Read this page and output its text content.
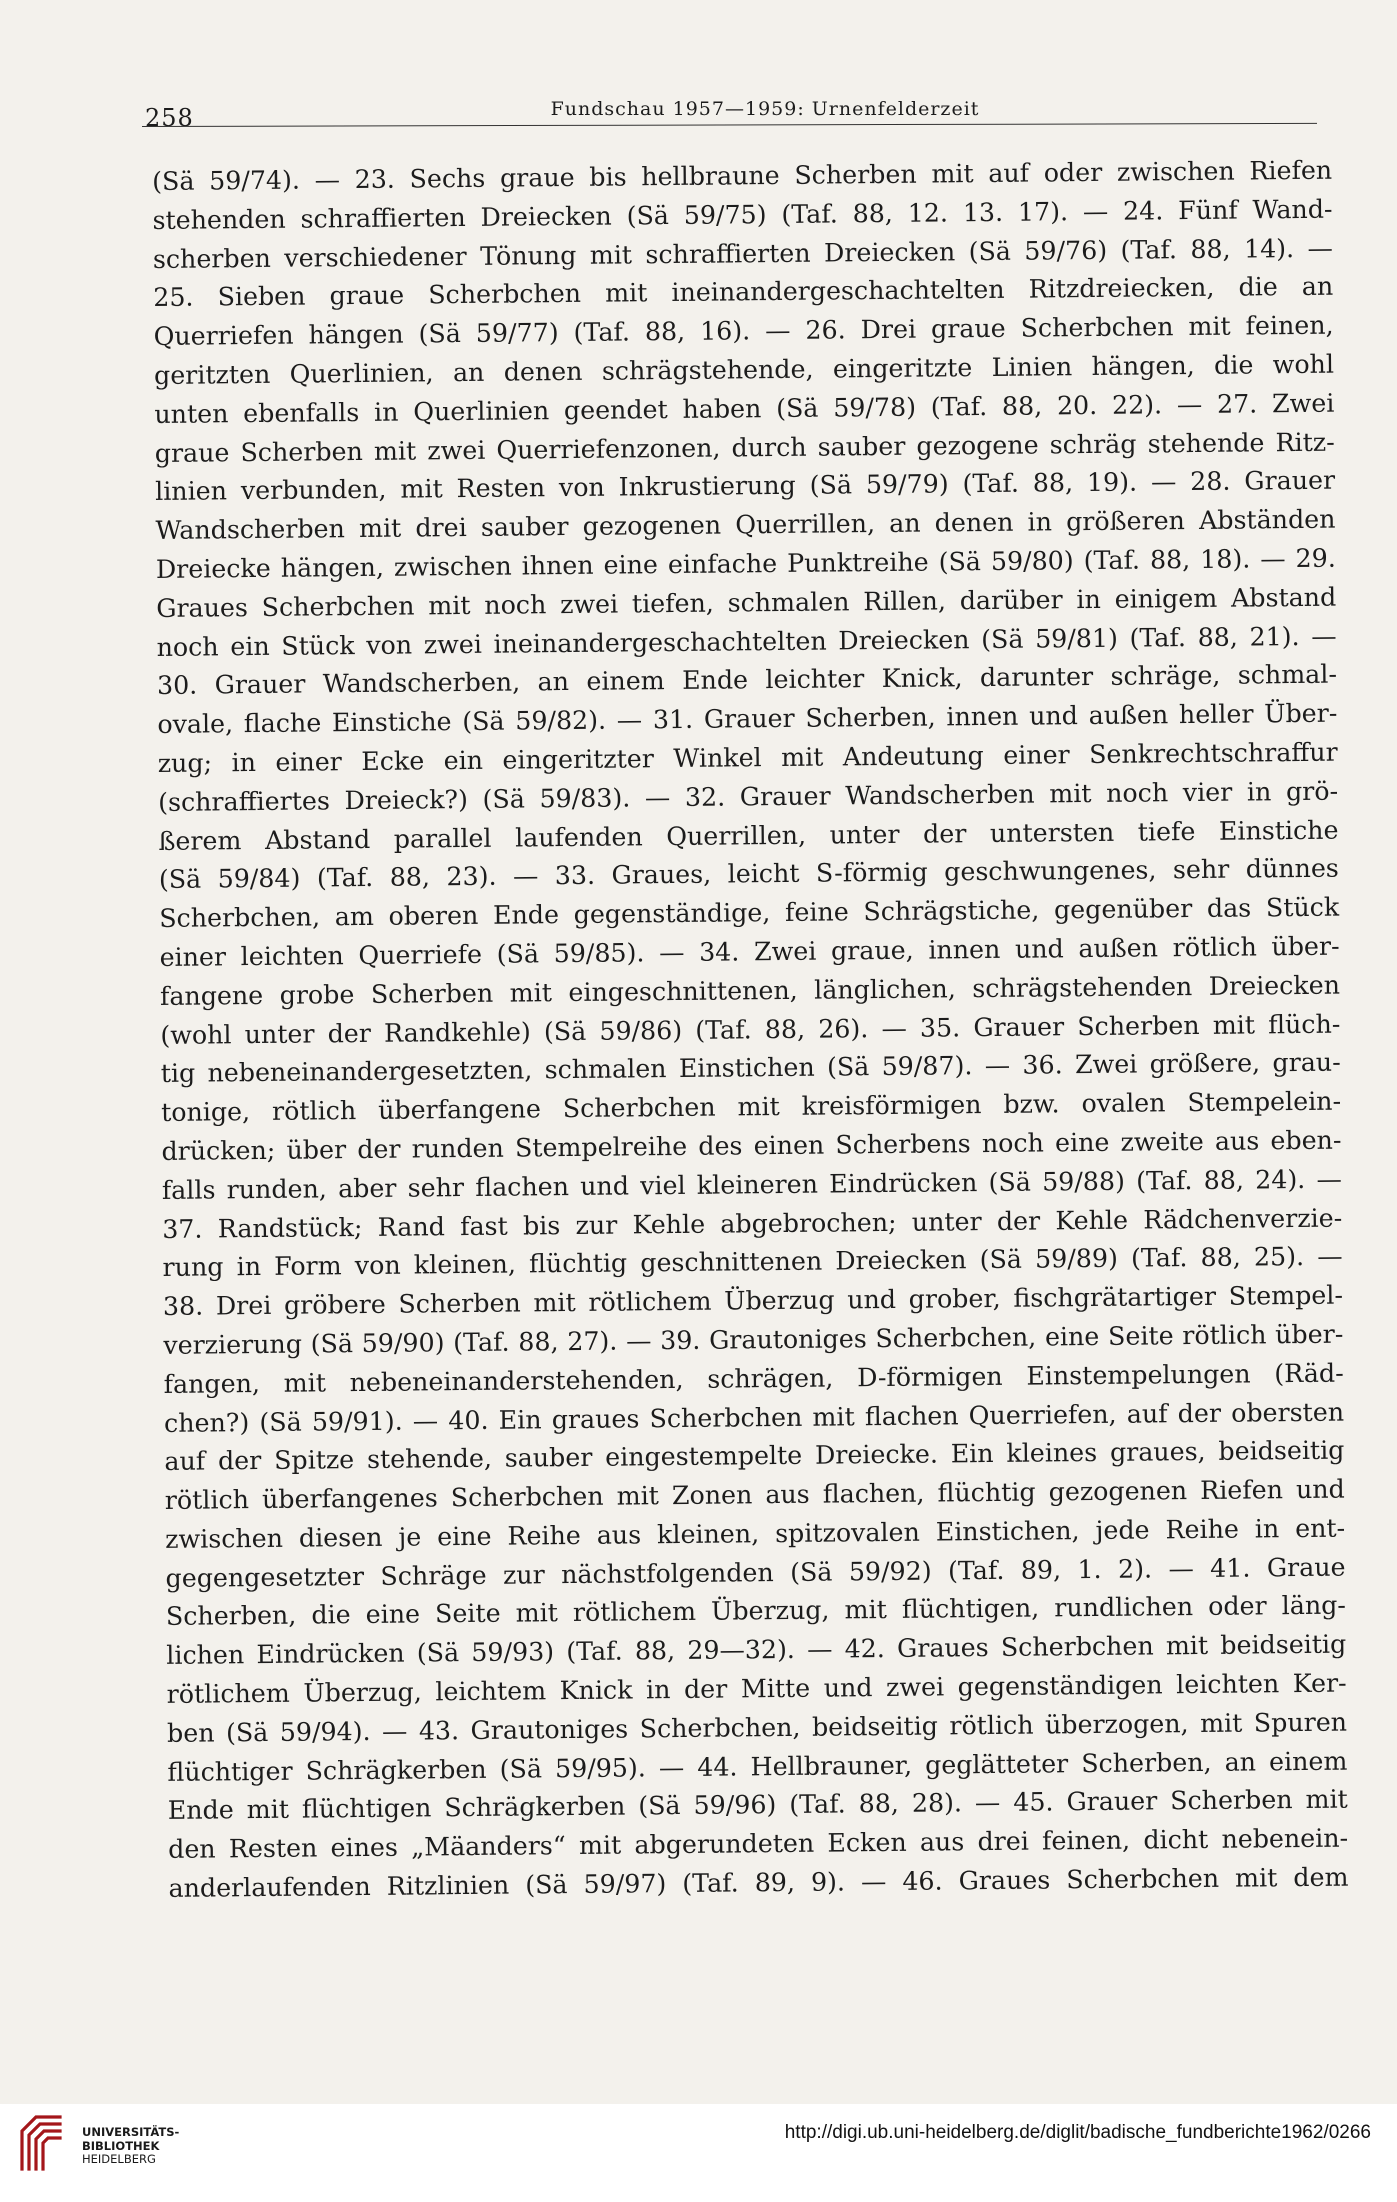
258	Fundschau 1957—1959: Urnenfelderzeit
(Sä 59/74). — 23. Sechs graue bis hellbraune Scherben mit auf oder zwischen Riefen
stehenden schraffierten Dreiecken (Sä 59/75) (Taf. 88, 12. 13. 17). — 24. Fünf Wand-
scherben verschiedener Tönung mit schraffierten Dreiecken (Sä 59/76) (Taf. 88, 14). —
25. Sieben graue Scherbchen mit ineinandergeschachtelten Ritzdreiecken, die an
Querriefen hängen (Sä 59/77) (Taf. 88, 16). — 26. Drei graue Scherbchen mit feinen,
geritzten Querlinien, an denen schrägstehende, eingeritzte Linien hängen, die wohl
unten ebenfalls in Querlinien geendet haben (Sä 59/78) (Taf. 88, 20. 22). — 27. Zwei
graue Scherben mit zwei Querriefenzonen, durch sauber gezogene schräg stehende Ritz-
linien verbunden, mit Resten von Inkrustierung (Sä 59/79) (Taf. 88, 19). — 28. Grauer
Wandscherben mit drei sauber gezogenen Querrillen, an denen in größeren Abständen
Dreiecke hängen, zwischen ihnen eine einfache Punktreihe (Sä 59/80) (Taf. 88, 18). — 29.
Graues Scherbchen mit noch zwei tiefen, schmalen Rillen, darüber in einigem Abstand
noch ein Stück von zwei ineinandergeschachtelten Dreiecken (Sä 59/81) (Taf. 88, 21). —
30. Grauer Wandscherben, an einem Ende leichter Knick, darunter schräge, schmal-
ovale, flache Einstiche (Sä 59/82). — 31. Grauer Scherben, innen und außen heller Über-
zug; in einer Ecke ein eingeritzter Winkel mit Andeutung einer Senkrechtschraffur
(schraffiertes Dreieck?) (Sä 59/83). — 32. Grauer Wandscherben mit noch vier in grö-
ßerem Abstand parallel laufenden Querrillen, unter der untersten tiefe Einstiche
(Sä 59/84) (Taf. 88, 23). — 33. Graues, leicht S-förmig geschwungenes, sehr dünnes
Scherbchen, am oberen Ende gegenständige, feine Schrägstiche, gegenüber das Stück
einer leichten Querriefe (Sä 59/85). — 34. Zwei graue, innen und außen rötlich über-
fangene grobe Scherben mit eingeschnittenen, länglichen, schrägstehenden Dreiecken
(wohl unter der Randkehle) (Sä 59/86) (Taf. 88, 26). — 35. Grauer Scherben mit flüch-
tig nebeneinandergesetzten, schmalen Einstichen (Sä 59/87). — 36. Zwei größere, grau-
tonige, rötlich überfangene Scherbchen mit kreisförmigen bzw. ovalen Stempelein-
drücken; über der runden Stempelreihe des einen Scherbens noch eine zweite aus eben-
falls runden, aber sehr flachen und viel kleineren Eindrücken (Sä 59/88) (Taf. 88, 24). —
37. Randstück; Rand fast bis zur Kehle abgebrochen; unter der Kehle Rädchenverzie-
rung in Form von kleinen, flüchtig geschnittenen Dreiecken (Sä 59/89) (Taf. 88, 25). —
38. Drei gröbere Scherben mit rötlichem Überzug und grober, fischgrätartiger Stempel-
verzierung (Sä 59/90) (Taf. 88, 27). — 39. Grautoniges Scherbchen, eine Seite rötlich über-
fangen, mit nebeneinanderstehenden, schrägen, D-förmigen Einstempelungen (Räd-
chen?) (Sä 59/91). — 40. Ein graues Scherbchen mit flachen Querriefen, auf der obersten
auf der Spitze stehende, sauber eingestempelte Dreiecke. Ein kleines graues, beidseitig
rötlich überfangenes Scherbchen mit Zonen aus flachen, flüchtig gezogenen Riefen und
zwischen diesen je eine Reihe aus kleinen, spitzovalen Einstichen, jede Reihe in ent-
gegengesetzter Schräge zur nächstfolgenden (Sä 59/92) (Taf. 89, 1. 2). — 41. Graue
Scherben, die eine Seite mit rötlichem Überzug, mit flüchtigen, rundlichen oder läng-
lichen Eindrücken (Sä 59/93) (Taf. 88, 29—32). — 42. Graues Scherbchen mit beidseitig
rötlichem Überzug, leichtem Knick in der Mitte und zwei gegenständigen leichten Ker-
ben (Sä 59/94). — 43. Grautoniges Scherbchen, beidseitig rötlich überzogen, mit Spuren
flüchtiger Schrägkerben (Sä 59/95). — 44. Hellbrauner, geglätteter Scherben, an einem
Ende mit flüchtigen Schrägkerben (Sä 59/96) (Taf. 88, 28). — 45. Grauer Scherben mit
den Resten eines „Mäanders“ mit abgerundeten Ecken aus drei feinen, dicht nebenein-
anderlaufenden Ritzlinien (Sä 59/97) (Taf. 89, 9). — 46. Graues Scherbchen mit dem
UNIVERSITÄTS-
BIBLIOTHEK
HEIDELBERG
http://digi.ub.uni-heidelberg.de/diglit/badische_fundberichte1962/0266
